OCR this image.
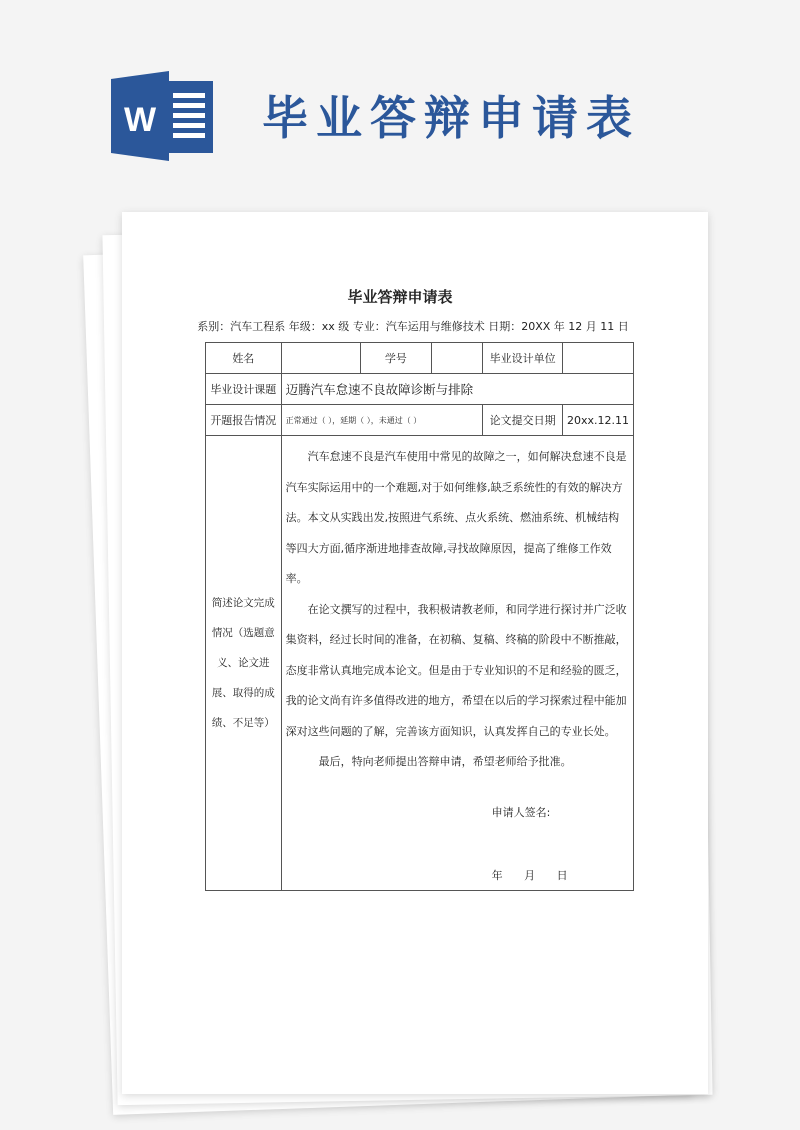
W 毕业答辩申请表
毕业答辩申请表
系别：汽车工程系 年级：xx 级 专业：汽车运用与维修技术 日期：20XX 年 12 月 11 日
姓名		学号		毕业设计单位	
毕业设计课题	迈腾汽车怠速不良故障诊断与排除				
开题报告情况	正常通过（ ），延期（ ），未通过（ ）			论文提交日期	20xx.12.11
简述论文完成情况（选题意义、论文进展、取得的成绩、不足等）	汽车怠速不良是汽车使用中常见的故障之一，如何解决怠速不良是汽车实际运用中的一个难题,对于如何维修,缺乏系统性的有效的解决方法。本文从实践出发,按照进气系统、点火系统、燃油系统、机械结构等四大方面,循序渐进地排查故障,寻找故障原因，提高了维修工作效率。

在论文撰写的过程中，我积极请教老师，和同学进行探讨并广泛收集资料，经过长时间的准备，在初稿、复稿、终稿的阶段中不断推敲，态度非常认真地完成本论文。但是由于专业知识的不足和经验的匮乏，我的论文尚有许多值得改进的地方，希望在以后的学习探索过程中能加深对这些问题的了解，完善该方面知识，认真发挥自己的专业长处。

最后，特向老师提出答辩申请，希望老师给予批准。

申请人签名:
年 月 日				
